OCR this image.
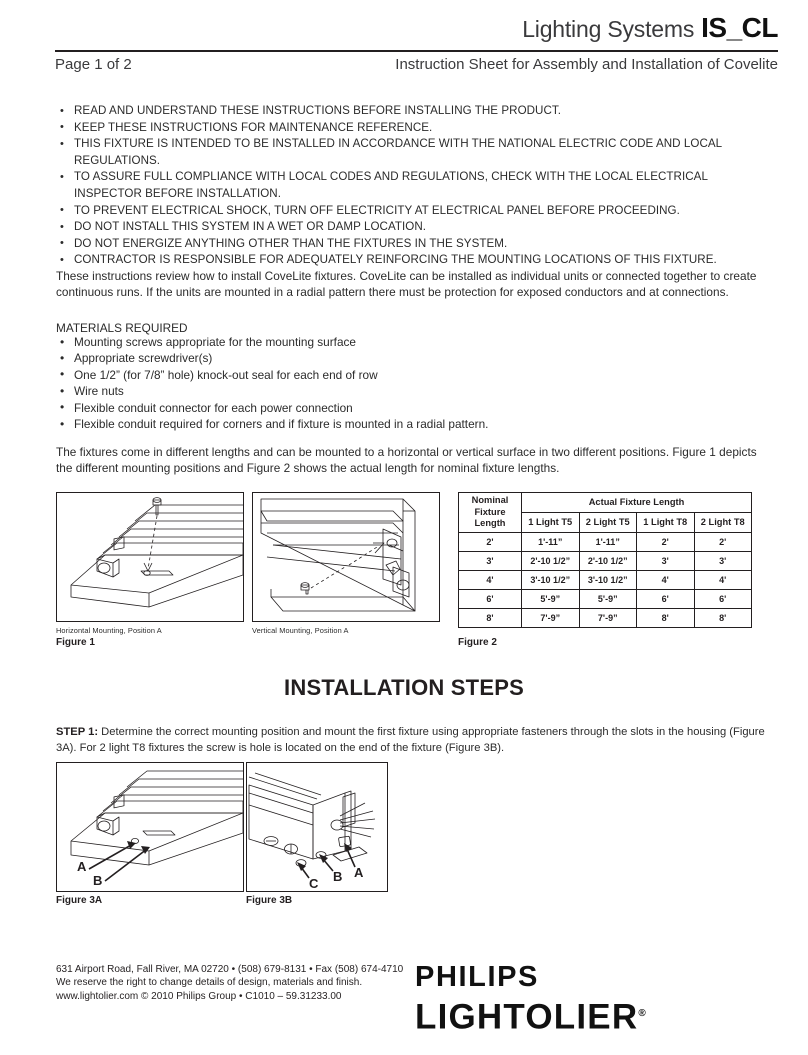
Lighting Systems IS_CL
Page 1 of 2	Instruction Sheet for Assembly and Installation of Covelite
• READ AND UNDERSTAND THESE INSTRUCTIONS BEFORE INSTALLING THE PRODUCT.
• KEEP THESE INSTRUCTIONS FOR MAINTENANCE REFERENCE.
• THIS FIXTURE IS INTENDED TO BE INSTALLED IN ACCORDANCE WITH THE NATIONAL ELECTRIC CODE AND LOCAL REGULATIONS.
• TO ASSURE FULL COMPLIANCE WITH LOCAL CODES AND REGULATIONS, CHECK WITH THE LOCAL ELECTRICAL INSPECTOR BEFORE INSTALLATION.
• TO PREVENT ELECTRICAL SHOCK, TURN OFF ELECTRICITY AT ELECTRICAL PANEL BEFORE PROCEEDING.
• DO NOT INSTALL THIS SYSTEM IN A WET OR DAMP LOCATION.
• DO NOT ENERGIZE ANYTHING OTHER THAN THE FIXTURES IN THE SYSTEM.
• CONTRACTOR IS RESPONSIBLE FOR ADEQUATELY REINFORCING THE MOUNTING LOCATIONS OF THIS FIXTURE.
These instructions review how to install CoveLite fixtures. CoveLite can be installed as individual units or connected together to create continuous runs. If the units are mounted in a radial pattern there must be protection for exposed conductors and at connections.
MATERIALS REQUIRED
• Mounting screws appropriate for the mounting surface
• Appropriate screwdriver(s)
• One 1/2” (for 7/8” hole) knock-out seal for each end of row
• Wire nuts
• Flexible conduit connector for each power connection
• Flexible conduit required for corners and if fixture is mounted in a radial pattern.
The fixtures come in different lengths and can be mounted to a horizontal or vertical surface in two different positions. Figure 1 depicts the different mounting positions and Figure 2 shows the actual length for nominal fixture lengths.
Horizontal Mounting, Position A	Vertical Mounting, Position A
Figure 1
Nominal Fixture Length	Actual Fixture Length			
	1 Light T5	2 Light T5	1 Light T8	2 Light T8
2'	1'-11”	1'-11”	2'	2'
3'	2'-10 1/2”	2'-10 1/2”	3'	3'
4'	3'-10 1/2”	3'-10 1/2”	4'	4'
6'	5'-9”	5'-9”	6'	6'
8'	7'-9”	7'-9”	8'	8'
Figure 2
INSTALLATION STEPS
STEP 1: Determine the correct mounting position and mount the first fixture using appropriate fasteners through the slots in the housing (Figure 3A). For 2 light T8 fixtures the screw is hole is located on the end of the fixture (Figure 3B).
A
B
A
B
C
Figure 3A	Figure 3B
631 Airport Road, Fall River, MA 02720 • (508) 679-8131 • Fax (508) 674-4710
We reserve the right to change details of design, materials and finish.
www.lightolier.com © 2010 Philips Group • C1010 – 59.31233.00
PHILIPS
LIGHTOLIER®
